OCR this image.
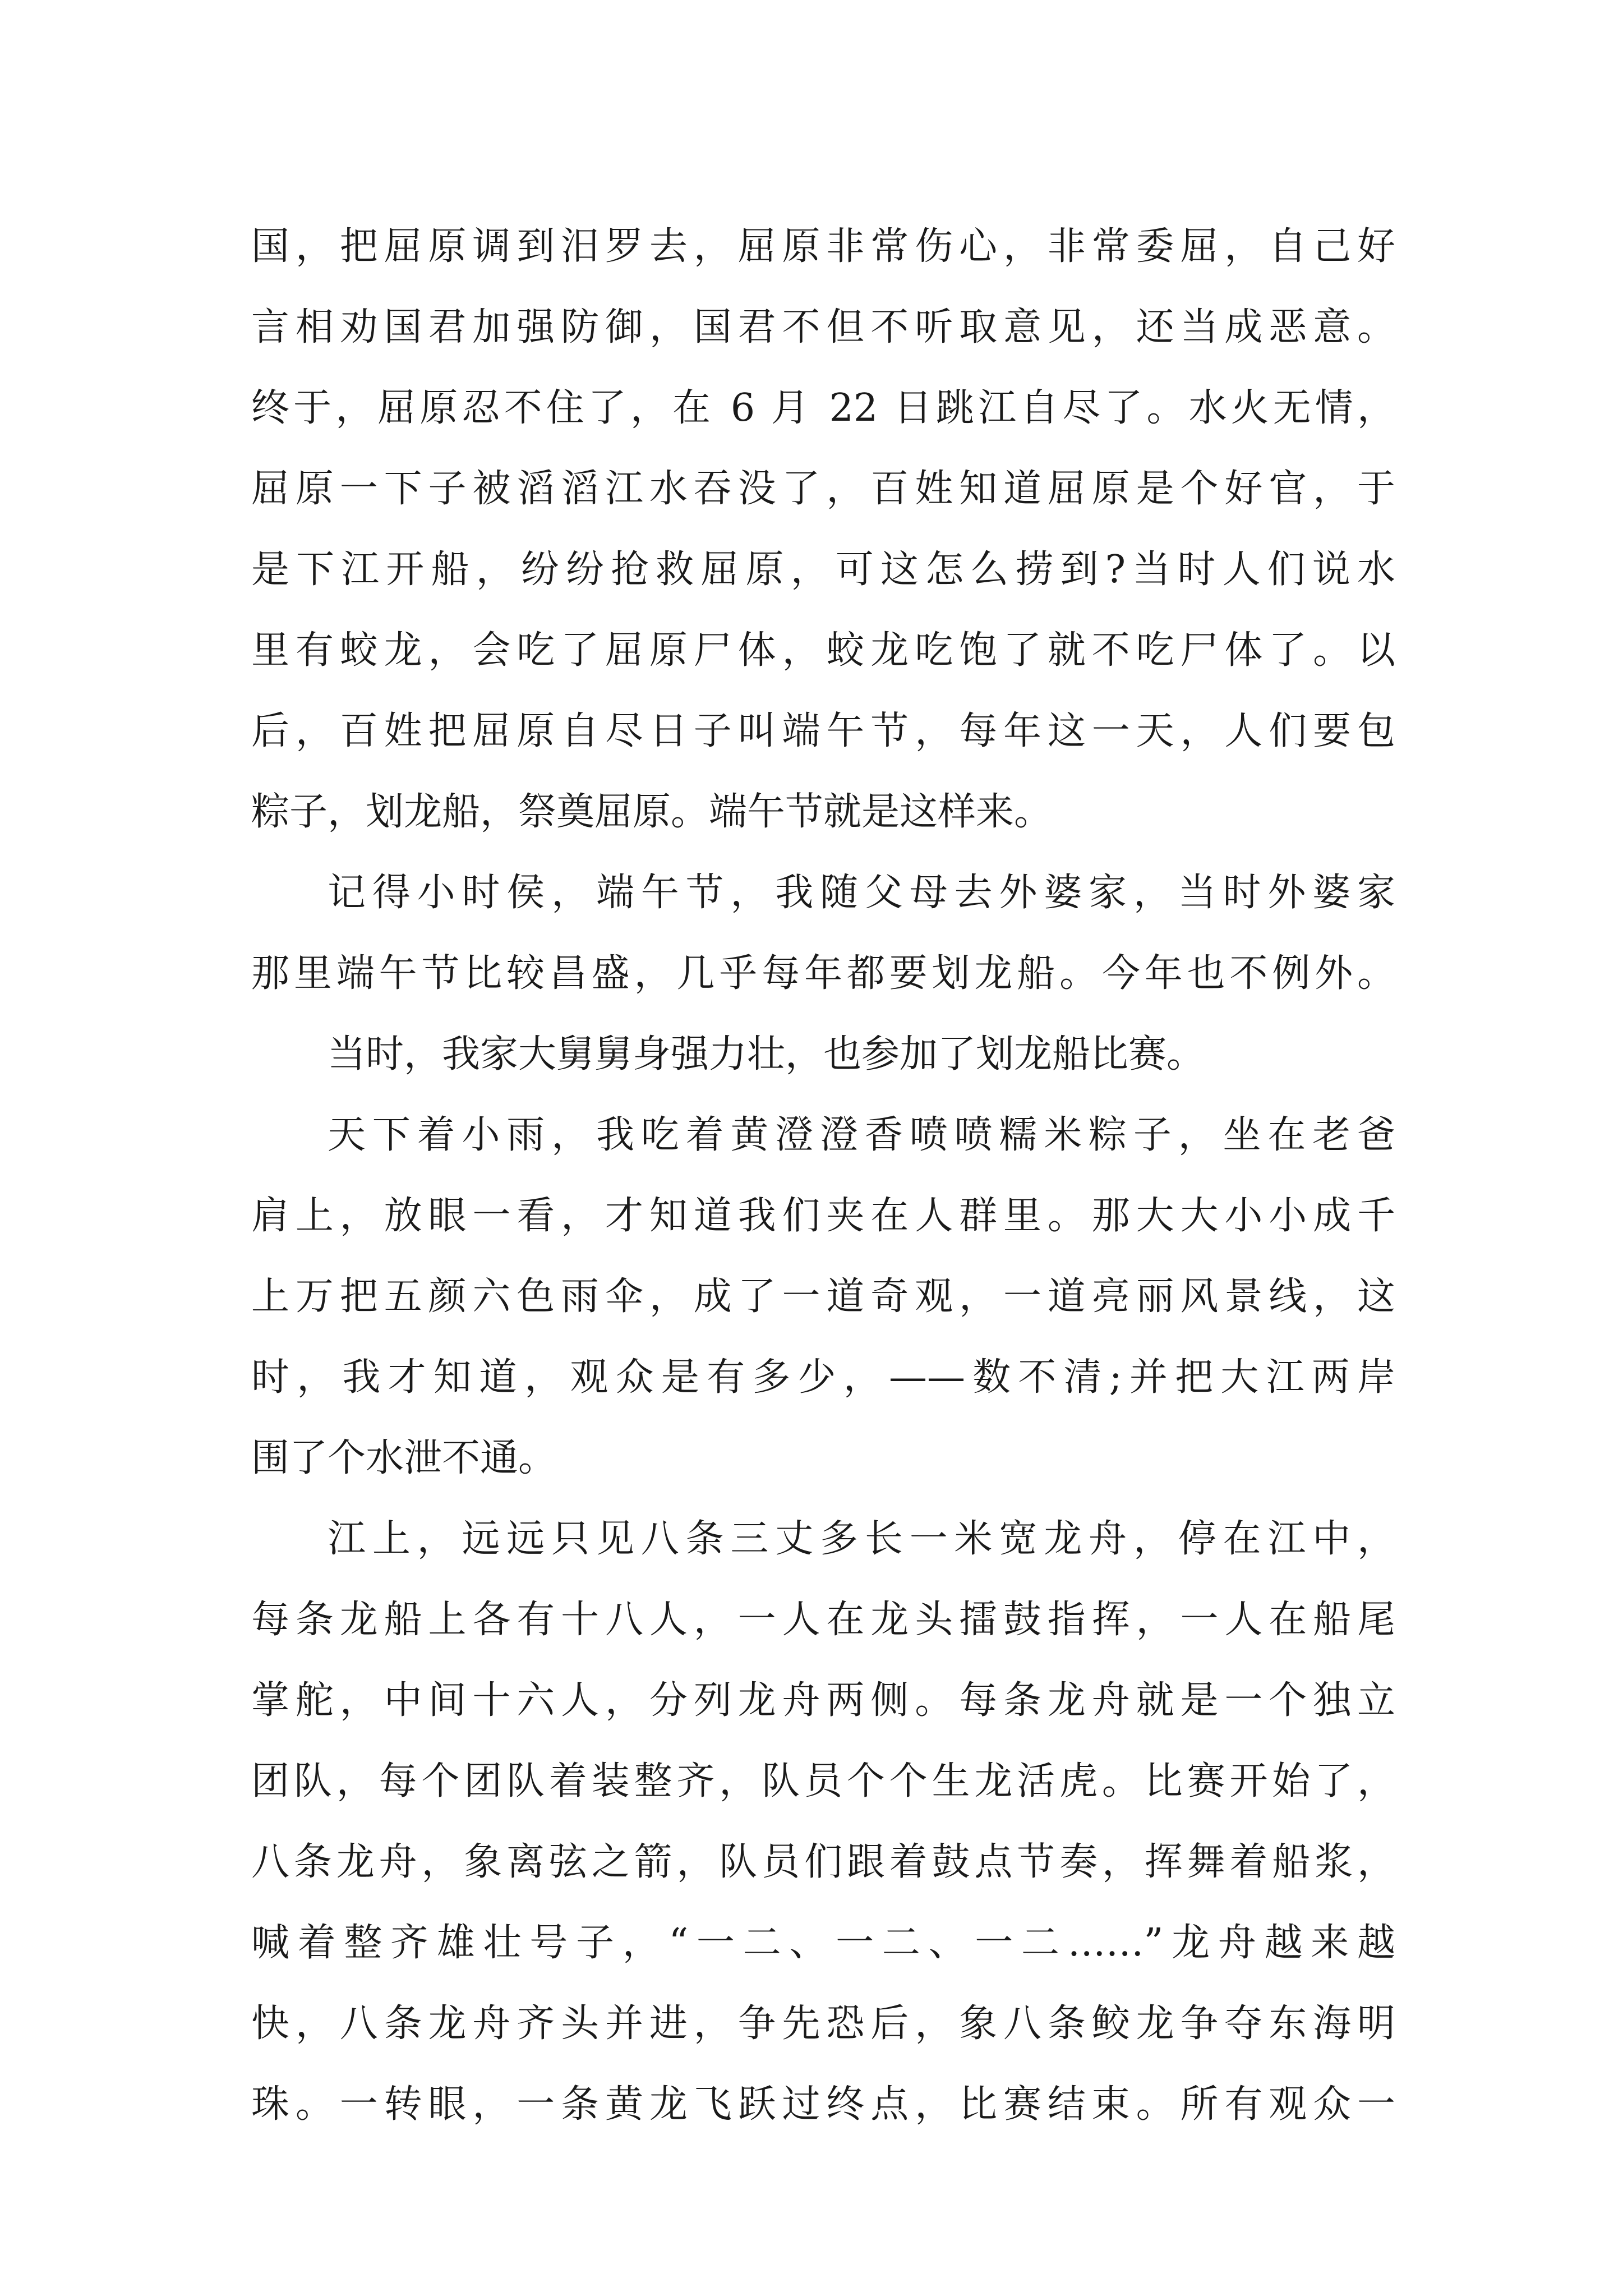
国，把屈原调到汨罗去，屈原非常伤心，非常委屈，自己好
言相劝国君加强防御，国君不但不听取意见，还当成恶意。
终于，屈原忍不住了，在 6 月 22 日跳江自尽了。水火无情，
屈原一下子被滔滔江水吞没了，百姓知道屈原是个好官，于
是下江开船，纷纷抢救屈原，可这怎么捞到?当时人们说水
里有蛟龙，会吃了屈原尸体，蛟龙吃饱了就不吃尸体了。以
后，百姓把屈原自尽日子叫端午节，每年这一天，人们要包
粽子，划龙船，祭奠屈原。端午节就是这样来。
记得小时侯，端午节，我随父母去外婆家，当时外婆家
那里端午节比较昌盛，几乎每年都要划龙船。今年也不例外。
当时，我家大舅舅身强力壮，也参加了划龙船比赛。
天下着小雨，我吃着黄澄澄香喷喷糯米粽子，坐在老爸
肩上，放眼一看，才知道我们夹在人群里。那大大小小成千
上万把五颜六色雨伞，成了一道奇观，一道亮丽风景线，这
时，我才知道，观众是有多少，——数不清;并把大江两岸
围了个水泄不通。
江上，远远只见八条三丈多长一米宽龙舟，停在江中，
每条龙船上各有十八人，一人在龙头擂鼓指挥，一人在船尾
掌舵，中间十六人，分列龙舟两侧。每条龙舟就是一个独立
团队，每个团队着装整齐，队员个个生龙活虎。比赛开始了，
八条龙舟，象离弦之箭，队员们跟着鼓点节奏，挥舞着船浆，
喊着整齐雄壮号子，“一二、一二、一二……”龙舟越来越
快，八条龙舟齐头并进，争先恐后，象八条鲛龙争夺东海明
珠。一转眼，一条黄龙飞跃过终点，比赛结束。所有观众一
